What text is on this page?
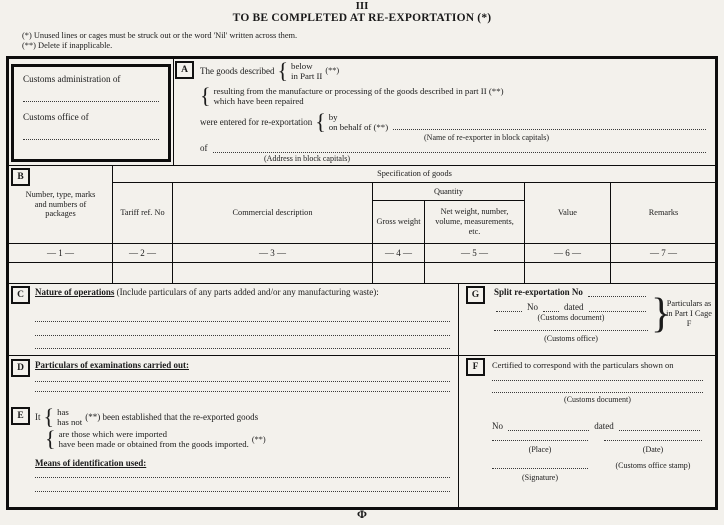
III
TO BE COMPLETED AT RE-EXPORTATION (*)
(*) Unused lines or cages must be struck out or the word 'Nil' written across them.
(**) Delete if inapplicable.
Customs administration of
Customs office of
A	The goods described { below
in Part II
(**)
{ resulting from the manufacture or processing of the goods described in part II (**)
which have been repaired
were entered for re-exportation { by
on behalf of (**)
(Name of re-exporter in block capitals)
of
(Address in block capitals)
B
Number, type, marks and numbers of packages	Specification of goods					
	Tariff ref. No	Commercial description	Quantity		Value	Remarks
			Gross weight	Net weight, number, volume, measurements, etc.		

— 1 —	— 2 —	— 3 —	— 4 —	— 5 —	— 6 —	— 7 —

C	Nature of operations (Include particulars of any parts added and/or any manufacturing waste):	G	Split re-exportation No
No	dated
(Customs document)
(Customs office)
}
Particulars as in Part I Cage F
D	Particulars of examinations carried out:
E	It { has
has not
(**) been established that the re-exported goods
{ are those which were imported
have been made or obtained from the goods imported. (**)
Means of identification used:
F	Certified to correspond with the particulars shown on
(Customs document)
No	dated
(Place)	(Date)
(Signature)
(Customs office stamp)
Φ
